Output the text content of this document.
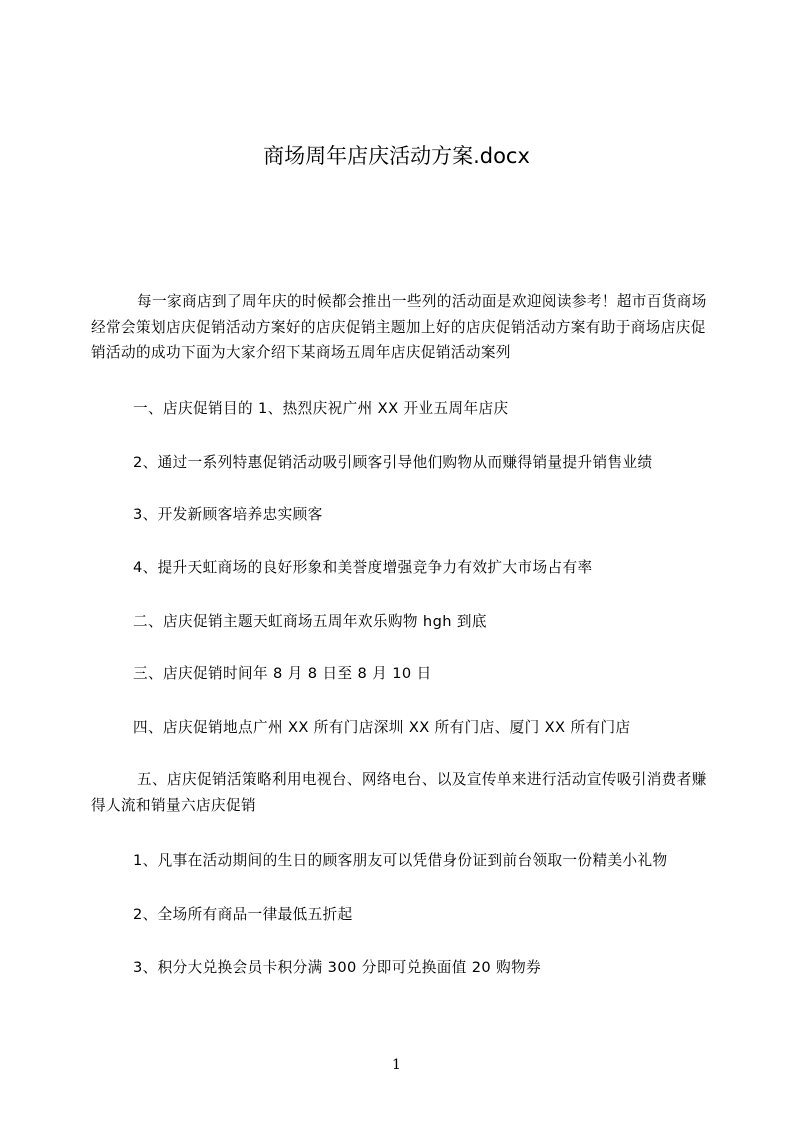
商场周年店庆活动方案.docx

每一家商店到了周年庆的时候都会推出一些列的活动面是欢迎阅读参考！超市百货商场经常会策划店庆促销活动方案好的店庆促销主题加上好的店庆促销活动方案有助于商场店庆促销活动的成功下面为大家介绍下某商场五周年店庆促销活动案列

一、店庆促销目的 1、热烈庆祝广州 XX 开业五周年店庆

2、通过一系列特惠促销活动吸引顾客引导他们购物从而赚得销量提升销售业绩

3、开发新顾客培养忠实顾客

4、提升天虹商场的良好形象和美誉度增强竞争力有效扩大市场占有率

二、店庆促销主题天虹商场五周年欢乐购物 hgh 到底

三、店庆促销时间年 8 月 8 日至 8 月 10 日

四、店庆促销地点广州 XX 所有门店深圳 XX 所有门店、厦门 XX 所有门店

五、店庆促销活策略利用电视台、网络电台、以及宣传单来进行活动宣传吸引消费者赚得人流和销量六店庆促销

1、凡事在活动期间的生日的顾客朋友可以凭借身份证到前台领取一份精美小礼物

2、全场所有商品一律最低五折起

3、积分大兑换会员卡积分满 300 分即可兑换面值 20 购物券

1
